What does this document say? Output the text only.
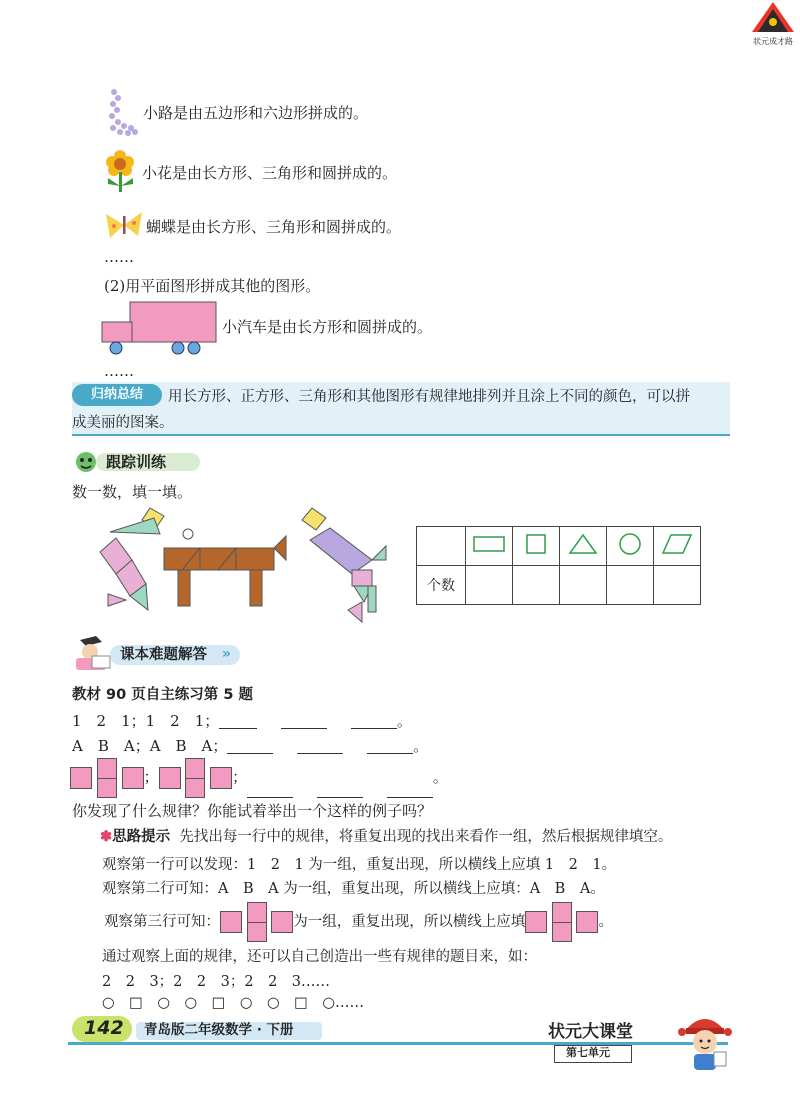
状元成才路
小路是由五边形和六边形拼成的。
小花是由长方形、三角形和圆拼成的。
蝴蝶是由长方形、三角形和圆拼成的。
……
(2)用平面图形拼成其他的图形。
小汽车是由长方形和圆拼成的。
……
归纳总结	用长方形、正方形、三角形和其他图形有规律地排列并且涂上不同的颜色，可以拼
成美丽的图案。
跟踪训练
数一数，填一填。

个数					
课本难题解答 »
教材 90 页自主练习第 5 题
1　2　1；1　2　1；	。
A　B　A；A　B　A；	。
；	；	。
你发现了什么规律？你能试着举出一个这样的例子吗？
✽思路提示 先找出每一行中的规律，将重复出现的找出来看作一组，然后根据规律填空。
观察第一行可以发现：1　2　1 为一组，重复出现，所以横线上应填 1　2　1。
观察第二行可知：A　B　A 为一组，重复出现，所以横线上应填：A　B　A。
观察第三行可知：	为一组，重复出现，所以横线上应填	。
通过观察上面的规律，还可以自己创造出一些有规律的题目来，如：
2　2　3；2　2　3；2　2　3……
○　□　○　○　□　○　○　□　○……
142 青岛版二年级数学 · 下册	状元大课堂
第七单元
